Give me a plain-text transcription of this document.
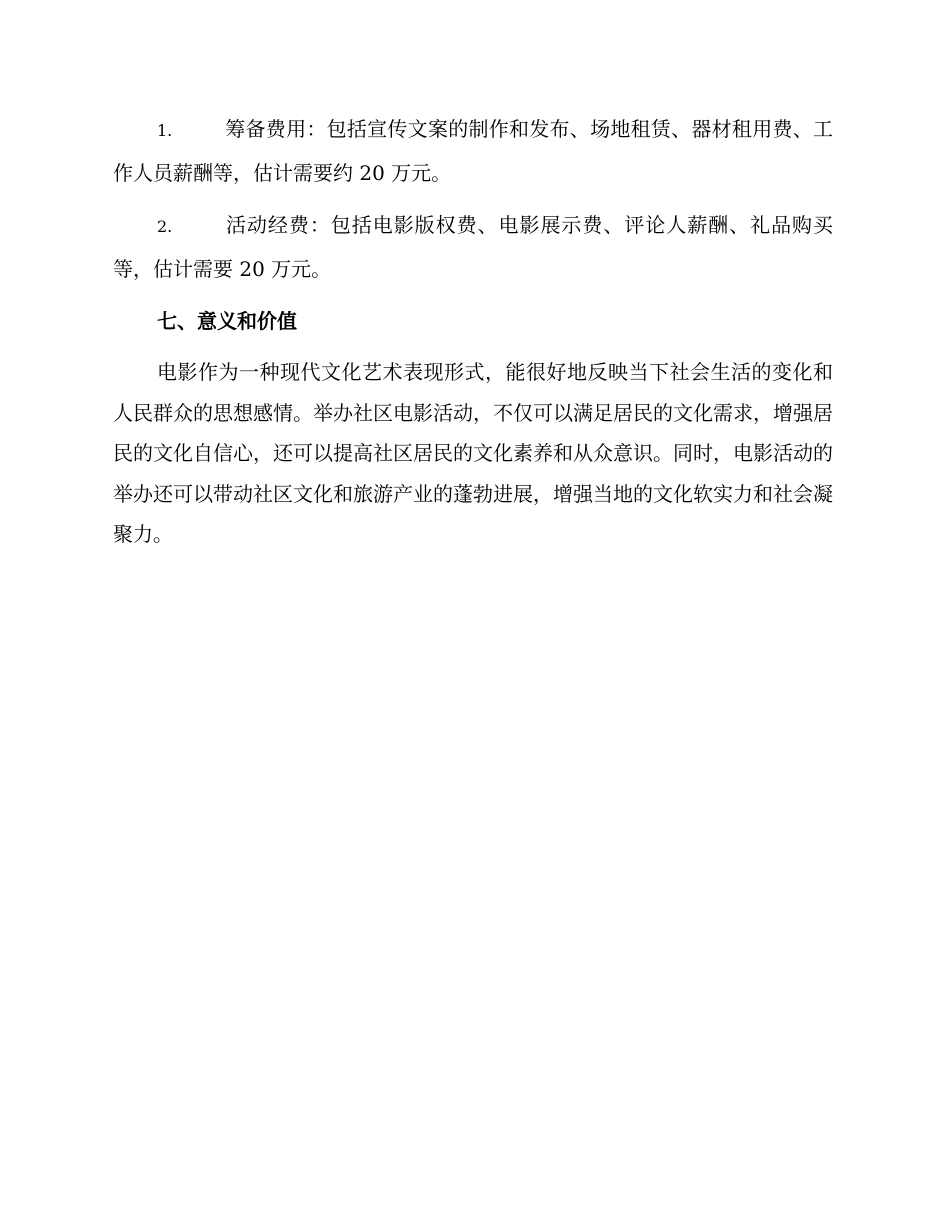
1.	筹备费用：包括宣传文案的制作和发布、场地租赁、器材租用费、工作人员薪酬等，估计需要约 20 万元。

2.	活动经费：包括电影版权费、电影展示费、评论人薪酬、礼品购买等，估计需要 20 万元。

七、意义和价值

电影作为一种现代文化艺术表现形式，能很好地反映当下社会生活的变化和人民群众的思想感情。举办社区电影活动，不仅可以满足居民的文化需求，增强居民的文化自信心，还可以提高社区居民的文化素养和从众意识。同时，电影活动的举办还可以带动社区文化和旅游产业的蓬勃进展，增强当地的文化软实力和社会凝聚力。
